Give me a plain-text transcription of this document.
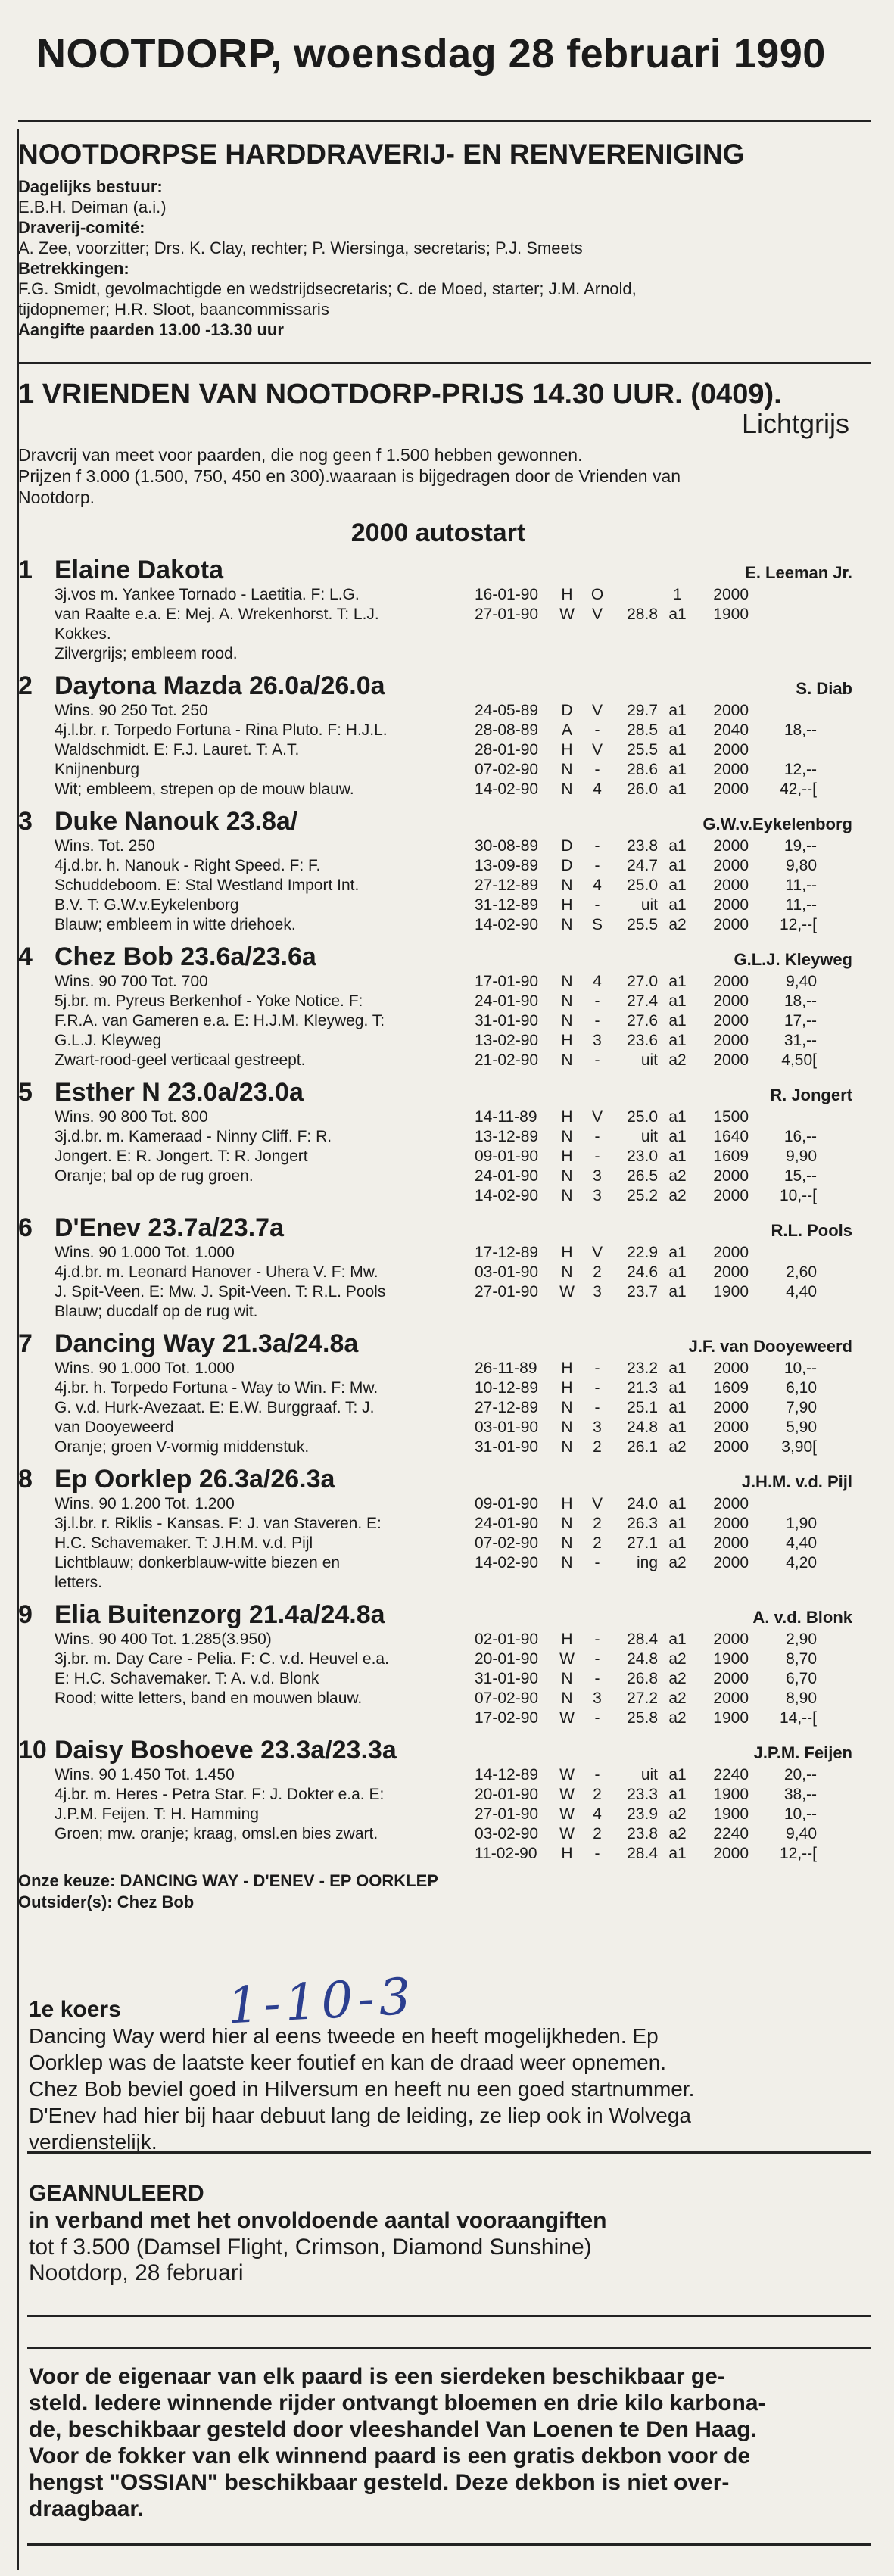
NOOTDORP, woensdag 28 februari 1990
NOOTDORPSE HARDDRAVERIJ- EN RENVERENIGING
Dagelijks bestuur:
E.B.H. Deiman (a.i.)
Draverij-comité:
A. Zee, voorzitter; Drs. K. Clay, rechter; P. Wiersinga, secretaris; P.J. Smeets
Betrekkingen:
F.G. Smidt, gevolmachtigde en wedstrijdsecretaris; C. de Moed, starter; J.M. Arnold,
tijdopnemer; H.R. Sloot, baancommissaris
Aangifte paarden 13.00 -13.30 uur
1 VRIENDEN VAN NOOTDORP-PRIJS 14.30 UUR. (0409).
Lichtgrijs
Dravcrij van meet voor paarden, die nog geen f 1.500 hebben gewonnen.
Prijzen f 3.000 (1.500, 750, 450 en 300).waaraan is bijgedragen door de Vrienden van
Nootdorp.
2000 autostart
1 Elaine Dakota	E. Leeman Jr.
3j.vos m. Yankee Tornado - Laetitia. F: L.G.
van Raalte e.a. E: Mej. A. Wrekenhorst. T: L.J.
Kokkes.
Zilvergrijs; embleem rood.
16-01-90	H	O	1	2000
27-01-90	W	V	28.8 a1	1900
2 Daytona Mazda 26.0a/26.0a	S. Diab
Wins. 90 250 Tot. 250
4j.l.br. r. Torpedo Fortuna - Rina Pluto. F: H.J.L.
Waldschmidt. E: F.J. Lauret. T: A.T.
Knijnenburg
Wit; embleem, strepen op de mouw blauw.
24-05-89	D	V	29.7 a1	2000
28-08-89	A	-	28.5 a1	2040	18,--
28-01-90	H	V	25.5 a1	2000
07-02-90	N	-	28.6 a1	2000	12,--
14-02-90	N	4	26.0 a1	2000	42,--[
3 Duke Nanouk 23.8a/	G.W.v.Eykelenborg
Wins. Tot. 250
4j.d.br. h. Nanouk - Right Speed. F: F.
Schuddeboom. E: Stal Westland Import Int.
B.V. T: G.W.v.Eykelenborg
Blauw; embleem in witte driehoek.
30-08-89	D	-	23.8 a1	2000	19,--
13-09-89	D	-	24.7 a1	2000	9,80
27-12-89	N	4	25.0 a1	2000	11,--
31-12-89	H	-	uit a1	2000	11,--
14-02-90	N	S	25.5 a2	2000	12,--[
4 Chez Bob 23.6a/23.6a	G.L.J. Kleyweg
Wins. 90 700 Tot. 700
5j.br. m. Pyreus Berkenhof - Yoke Notice. F:
F.R.A. van Gameren e.a. E: H.J.M. Kleyweg. T:
G.L.J. Kleyweg
Zwart-rood-geel verticaal gestreept.
17-01-90	N	4	27.0 a1	2000	9,40
24-01-90	N	-	27.4 a1	2000	18,--
31-01-90	N	-	27.6 a1	2000	17,--
13-02-90	H	3	23.6 a1	2000	31,--
21-02-90	N	-	uit a2	2000	4,50[
5 Esther N 23.0a/23.0a	R. Jongert
Wins. 90 800 Tot. 800
3j.d.br. m. Kameraad - Ninny Cliff. F: R.
Jongert. E: R. Jongert. T: R. Jongert
Oranje; bal op de rug groen.
14-11-89	H	V	25.0 a1	1500
13-12-89	N	-	uit a1	1640	16,--
09-01-90	H	-	23.0 a1	1609	9,90
24-01-90	N	3	26.5 a2	2000	15,--
14-02-90	N	3	25.2 a2	2000	10,--[
6 D'Enev 23.7a/23.7a	R.L. Pools
Wins. 90 1.000 Tot. 1.000
4j.d.br. m. Leonard Hanover - Uhera V. F: Mw.
J. Spit-Veen. E: Mw. J. Spit-Veen. T: R.L. Pools
Blauw; ducdalf op de rug wit.
17-12-89	H	V	22.9 a1	2000
03-01-90	N	2	24.6 a1	2000	2,60
27-01-90	W	3	23.7 a1	1900	4,40
7 Dancing Way 21.3a/24.8a	J.F. van Dooyeweerd
Wins. 90 1.000 Tot. 1.000
4j.br. h. Torpedo Fortuna - Way to Win. F: Mw.
G. v.d. Hurk-Avezaat. E: E.W. Burggraaf. T: J.
van Dooyeweerd
Oranje; groen V-vormig middenstuk.
26-11-89	H	-	23.2 a1	2000	10,--
10-12-89	H	-	21.3 a1	1609	6,10
27-12-89	N	-	25.1 a1	2000	7,90
03-01-90	N	3	24.8 a1	2000	5,90
31-01-90	N	2	26.1 a2	2000	3,90[
8 Ep Oorklep 26.3a/26.3a	J.H.M. v.d. Pijl
Wins. 90 1.200 Tot. 1.200
3j.l.br. r. Riklis - Kansas. F: J. van Staveren. E:
H.C. Schavemaker. T: J.H.M. v.d. Pijl
Lichtblauw; donkerblauw-witte biezen en
letters.
09-01-90	H	V	24.0 a1	2000
24-01-90	N	2	26.3 a1	2000	1,90
07-02-90	N	2	27.1 a1	2000	4,40
14-02-90	N	-	ing a2	2000	4,20
9 Elia Buitenzorg 21.4a/24.8a	A. v.d. Blonk
Wins. 90 400 Tot. 1.285(3.950)
3j.br. m. Day Care - Pelia. F: C. v.d. Heuvel e.a.
E: H.C. Schavemaker. T: A. v.d. Blonk
Rood; witte letters, band en mouwen blauw.
02-01-90	H	-	28.4 a1	2000	2,90
20-01-90	W	-	24.8 a2	1900	8,70
31-01-90	N	-	26.8 a2	2000	6,70
07-02-90	N	3	27.2 a2	2000	8,90
17-02-90	W	-	25.8 a2	1900	14,--[
10 Daisy Boshoeve 23.3a/23.3a	J.P.M. Feijen
Wins. 90 1.450 Tot. 1.450
4j.br. m. Heres - Petra Star. F: J. Dokter e.a. E:
J.P.M. Feijen. T: H. Hamming
Groen; mw. oranje; kraag, omsl.en bies zwart.
14-12-89	W	-	uit a1	2240	20,--
20-01-90	W	2	23.3 a1	1900	38,--
27-01-90	W	4	23.9 a2	1900	10,--
03-02-90	W	2	23.8 a2	2240	9,40
11-02-90	H	-	28.4 a1	2000	12,--[
Onze keuze: DANCING WAY - D'ENEV - EP OORKLEP
Outsider(s): Chez Bob
1-10-3
1e koers
Dancing Way werd hier al eens tweede en heeft mogelijkheden. Ep
Oorklep was de laatste keer foutief en kan de draad weer opnemen.
Chez Bob beviel goed in Hilversum en heeft nu een goed startnummer.
D'Enev had hier bij haar debuut lang de leiding, ze liep ook in Wolvega
verdienstelijk.
GEANNULEERD
in verband met het onvoldoende aantal vooraangiften
tot f 3.500 (Damsel Flight, Crimson, Diamond Sunshine)
Nootdorp, 28 februari
Voor de eigenaar van elk paard is een sierdeken beschikbaar ge-
steld. Iedere winnende rijder ontvangt bloemen en drie kilo karbona-
de, beschikbaar gesteld door vleeshandel Van Loenen te Den Haag.
Voor de fokker van elk winnend paard is een gratis dekbon voor de
hengst "OSSIAN" beschikbaar gesteld. Deze dekbon is niet over-
draagbaar.
